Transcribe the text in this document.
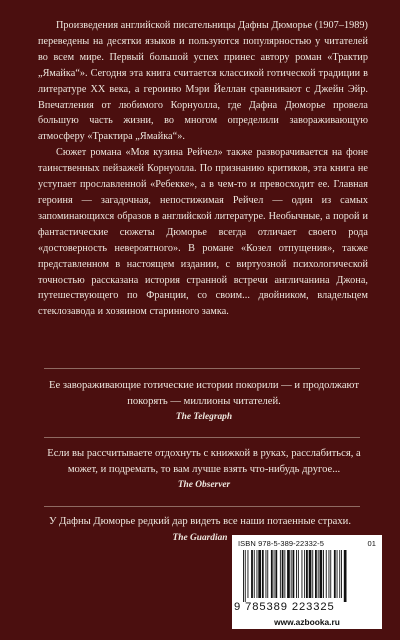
Произведения английской писательницы Дафны Дюморье (1907–1989) переведены на десятки языков и пользуются популярностью у читателей во всем мире. Первый большой успех принес автору роман «Трактир „Ямайка“». Сегодня эта книга считается классикой готической традиции в литературе XX века, а героиню Мэри Йеллан сравнивают с Джейн Эйр. Впечатления от любимого Корнуолла, где Дафна Дюморье провела большую часть жизни, во многом определили завораживающую атмосферу «Трактира „Ямайка“».

Сюжет романа «Моя кузина Рейчел» также разворачивается на фоне таинственных пейзажей Корнуолла. По признанию критиков, эта книга не уступает прославленной «Ребекке», а в чем-то и превосходит ее. Главная героиня — загадочная, непостижимая Рейчел — один из самых запоминающихся образов в английской литературе. Необычные, а порой и фантастические сюжеты Дюморье всегда отличает своего рода «достоверность невероятного». В романе «Козел отпущения», также представленном в настоящем издании, с виртуозной психологической точностью рассказана история странной встречи англичанина Джона, путешествующего по Франции, со своим... двойником, владельцем стеклозавода и хозяином старинного замка.

Ее завораживающие готические истории покорили — и продолжают покорять — миллионы читателей.

The Telegraph

Если вы рассчитываете отдохнуть с книжкой в руках, расслабиться, а может, и подремать, то вам лучше взять что-нибудь другое...

The Observer

У Дафны Дюморье редкий дар видеть все наши потаенные страхи.

The Guardian

ISBN 978-5-389-22332-5	01
9 785389 223325
www.azbooka.ru
